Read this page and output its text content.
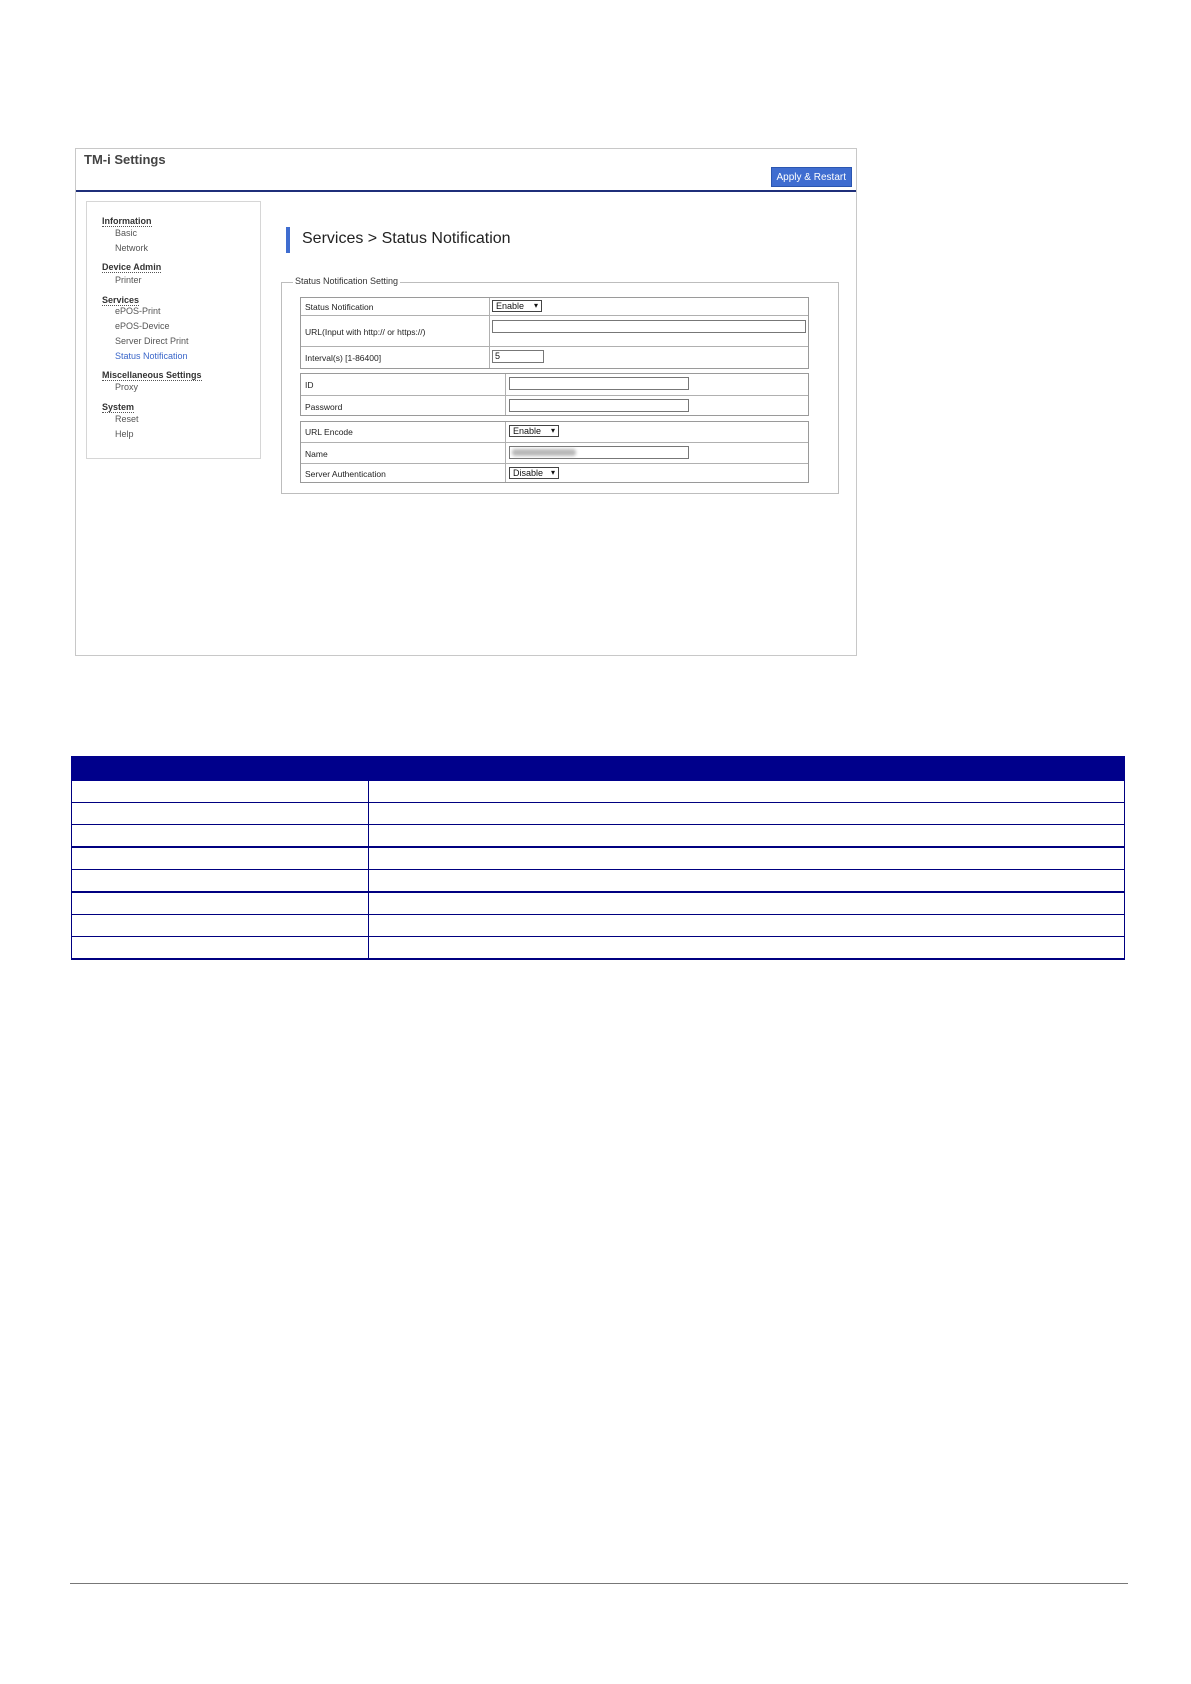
TM-i Settings
Apply & Restart
Information
Basic
Network
Device Admin
Printer
Services
ePOS-Print
ePOS-Device
Server Direct Print
Status Notification
Miscellaneous Settings
Proxy
System
Reset
Help
Services > Status Notification
Status Notification Setting
Status Notification	Enable ▾
URL(Input with http:// or https://)
Interval(s) [1-86400]	5
ID
Password
URL Encode	Enable ▾
Name
Server Authentication	Disable ▾
